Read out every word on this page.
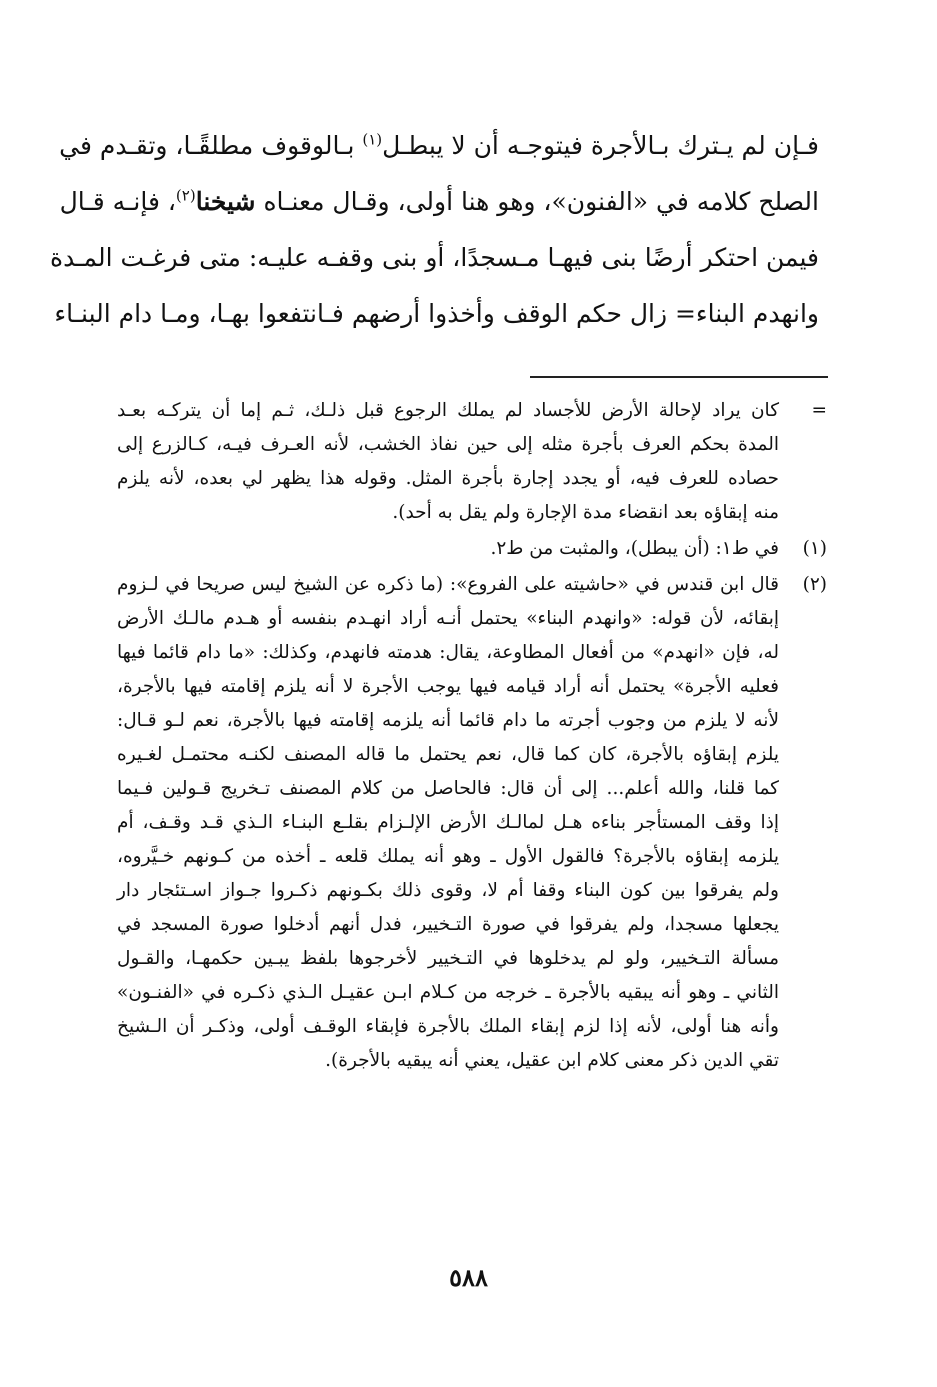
فـإن لم يـترك بـالأجرة فيتوجـه أن لا يبطـل$^{(١)}$ بـالوقوف مطلقًـا، وتقـدم في
الصلح كلامه في «الفنون»، وهو هنا أولى، وقـال معنـاه شيخنا$^{(٢)}$، فإنـه قـال
فيمن احتكر أرضًا بنى فيهـا مـسجدًا، أو بنى وقفـه عليـه: متى فرغـت المـدة
وانهدم البناء= زال حكم الوقف وأخذوا أرضهم فـانتفعوا بهـا، ومـا دام البنـاء
=
كان يراد لإحالة الأرض للأجساد لم يملك الرجوع قبل ذلـك، ثـم إما أن يتركـه بعـد
المدة بحكم العرف بأجرة مثله إلى حين نفاذ الخشب، لأنه العـرف فيـه، كـالزرع إلى
حصاده للعرف فيه، أو يجدد إجارة بأجرة المثل. وقوله هذا يظهر لي بعده، لأنه يلزم
منه إبقاؤه بعد انقضاء مدة الإجارة ولم يقل به أحد).
(١)
في ط١: (أن يبطل)، والمثبت من ط٢.
(٢)
قال ابن قندس في «حاشيته على الفروع»: (ما ذكره عن الشيخ ليس صريحا في لـزوم
إبقائه، لأن قوله: «وانهدم البناء» يحتمل أنـه أراد انهـدم بنفسه أو هـدم مالـك الأرض
له، فإن «انهدم» من أفعال المطاوعة، يقال: هدمته فانهدم، وكذلك: «ما دام قائما فيها
فعليه الأجرة» يحتمل أنه أراد قيامه فيها يوجب الأجرة لا أنه يلزم إقامته فيها بالأجرة،
لأنه لا يلزم من وجوب أجرته ما دام قائما أنه يلزمه إقامته فيها بالأجرة، نعم لـو قـال:
يلزم إبقاؤه بالأجرة، كان كما قال، نعم يحتمل ما قاله المصنف لكنـه محتمـل لغـيره
كما قلنا، والله أعلم... إلى أن قال: فالحاصل من كلام المصنف تـخريج قـولين فـيما
إذا وقف المستأجر بناءه هـل لمالـك الأرض الإلـزام بقلـع البنـاء الـذي قـد وقـف، أم
يلزمه إبقاؤه بالأجرة؟ فالقول الأول ـ وهو أنه يملك قلعه ـ أخذه من كـونهم خـيَّروه،
ولم يفرقوا بين كون البناء وقفا أم لا، وقوى ذلك بكـونهم ذكـروا جـواز اسـتئجار دار
يجعلها مسجدا، ولم يفرقوا في صورة التـخيير، فدل أنهم أدخلوا صورة المسجد في
مسألة التـخيير، ولو لم يدخلوها في التـخيير لأخرجوها بلفظ يبـين حكمهـا، والقـول
الثاني ـ وهو أنه يبقيه بالأجرة ـ خرجه من كـلام ابـن عقيـل الـذي ذكـره في «الفنـون»
وأنه هنا أولى، لأنه إذا لزم إبقاء الملك بالأجرة فإبقاء الوقـف أولى، وذكـر أن الـشيخ
تقي الدين ذكر معنى كلام ابن عقيل، يعني أنه يبقيه بالأجرة).
٥٨٨
